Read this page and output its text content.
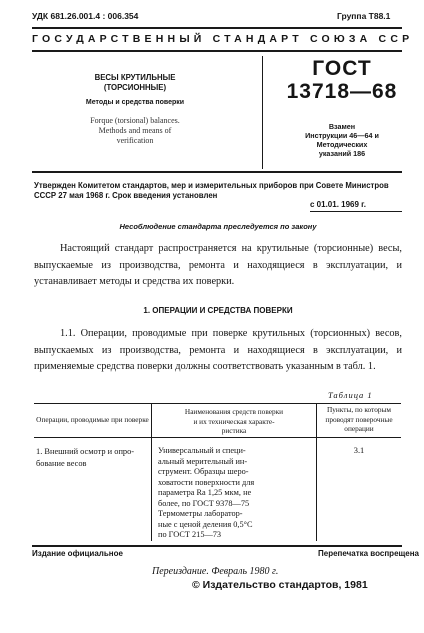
УДК 681.26.001.4 : 006.354	Группа Т88.1
ГОСУДАРСТВЕННЫЙ СТАНДАРТ СОЮЗА ССР
ВЕСЫ КРУТИЛЬНЫЕ
(ТОРСИОННЫЕ)
Методы и средства поверки
Forque (torsional) balances.
Methods and means of
verification
ГОСТ
13718—68
Взамен
Инструкции 46—64 и
Методических
указаний 186
Утвержден Комитетом стандартов, мер и измерительных приборов при Совете Министров СССР 27 мая 1968 г. Срок введения установлен
с 01.01. 1969 г.
Несоблюдение стандарта преследуется по закону
Настоящий стандарт распространяется на крутильные (торсионные) весы, выпускаемые из производства, ремонта и находящиеся в эксплуатации, и устанавливает методы и средства их поверки.
1. ОПЕРАЦИИ И СРЕДСТВА ПОВЕРКИ
1.1. Операции, проводимые при поверке крутильных (торсионных) весов, выпускаемых из производства, ремонта и находящиеся в эксплуатации, и применяемые средства поверки должны соответствовать указанным в табл. 1.
Таблица 1
Операции, проводимые при поверке
Наименования средств поверки
и их техническая характе-
ристика
Пункты, по которым
проводят поверочные
операции
1. Внешний осмотр и опро-
бование весов
Универсальный и специ-
альный мерительный ин-
струмент. Образцы шеро-
ховатости поверхности для
параметра Ra 1,25 мкм, не
более, по ГОСТ 9378—75
Термометры лаборатор-
ные с ценой деления 0,5°С
по ГОСТ 215—73
3.1
Издание официальное	Перепечатка воспрещена
Переиздание. Февраль 1980 г.
© Издательство стандартов, 1981
